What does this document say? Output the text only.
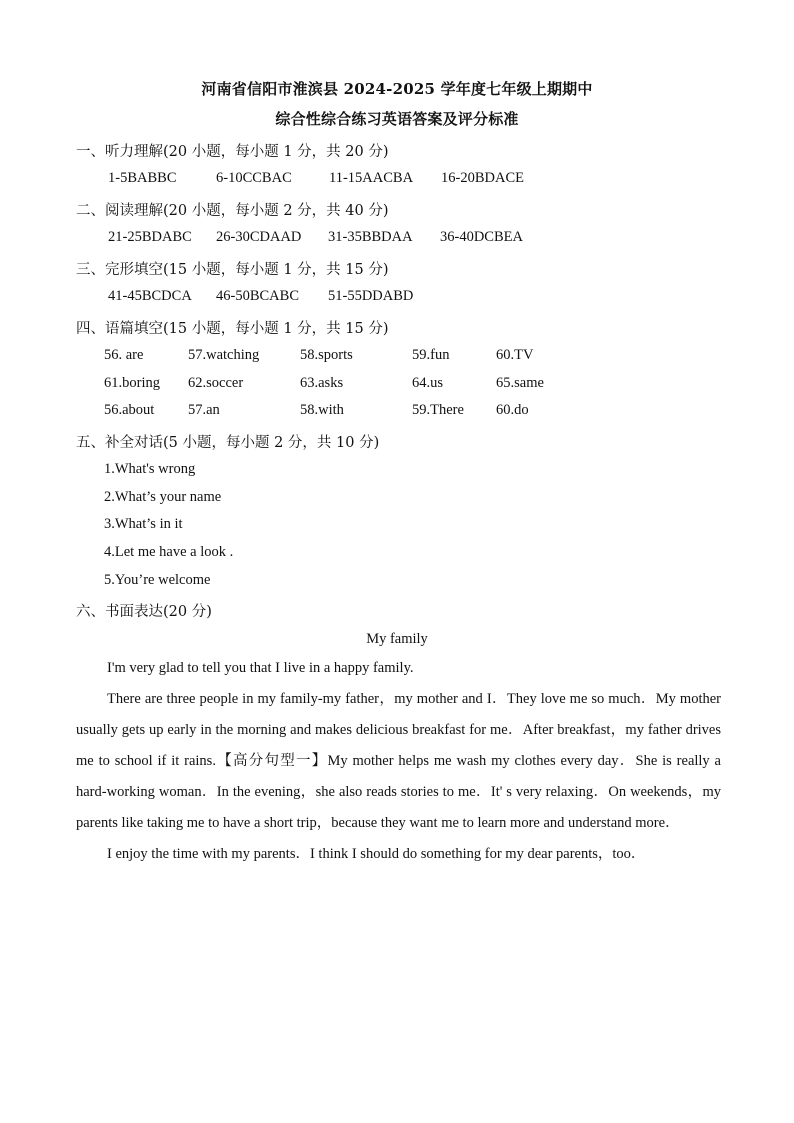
河南省信阳市淮滨县 2024-2025 学年度七年级上期期中
综合性综合练习英语答案及评分标准
一、听力理解(20 小题，每小题 1 分，共 20 分)
1-5BABBC	6-10CCBAC	11-15AACBA 16-20BDACE
二、阅读理解(20 小题，每小题 2 分，共 40 分)
21-25BDABC 26-30CDAAD 31-35BBDAA 36-40DCBEA
三、完形填空(15 小题，每小题 1 分，共 15 分)
41-45BCDCA 46-50BCABC 51-55DDABD
四、语篇填空(15 小题，每小题 1 分，共 15 分)
56. are	57.watching	58.sports	59.fun	60.TV
61.boring 62.soccer	63.asks	64.us	65.same
56.about 57.an	58.with	59.There 60.do
五、补全对话(5 小题，每小题 2 分，共 10 分)
1.What's wrong
2.What’s your name
3.What’s in it
4.Let me have a look .
5.You’re welcome
六、书面表达(20 分)
My family

I'm very glad to tell you that I live in a happy family.

There are three people in my family-my father，my mother and I．They love me so much．My mother usually gets up early in the morning and makes delicious breakfast for me．After breakfast，my father drives me to school if it rains.【高分句型一】My mother helps me wash my clothes every day．She is really a hard-working woman．In the evening，she also reads stories to me．It' s very relaxing．On weekends，my parents like taking me to have a short trip，because they want me to learn more and understand more．

I enjoy the time with my parents．I think I should do something for my dear parents，too．
